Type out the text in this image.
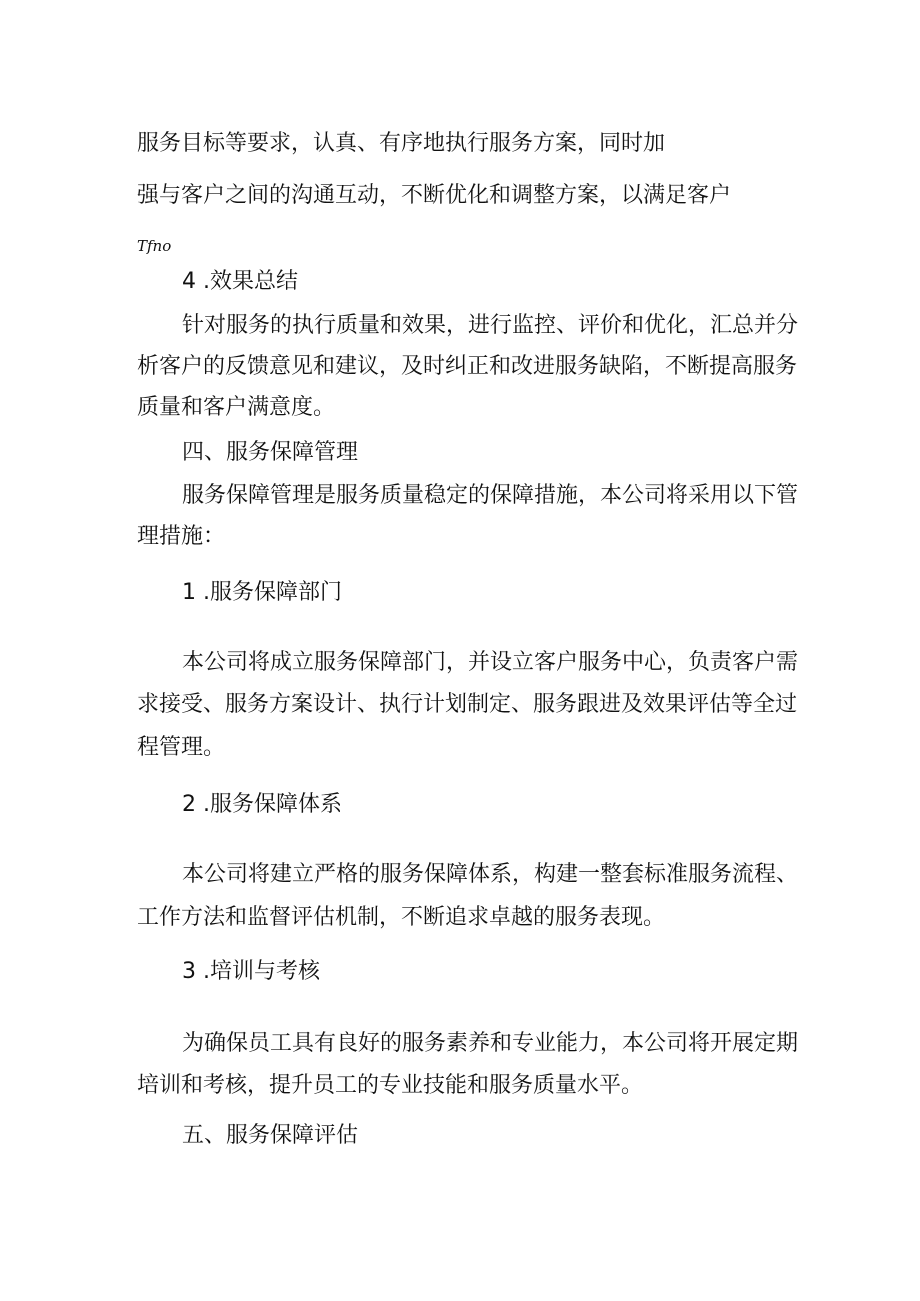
服务目标等要求，认真、有序地执行服务方案，同时加
强与客户之间的沟通互动，不断优化和调整方案，以满足客户
Tfno
4 .效果总结
针对服务的执行质量和效果，进行监控、评价和优化，汇总并分
析客户的反馈意见和建议，及时纠正和改进服务缺陷，不断提高服务
质量和客户满意度。
四、服务保障管理
服务保障管理是服务质量稳定的保障措施，本公司将采用以下管
理措施：
1 .服务保障部门
本公司将成立服务保障部门，并设立客户服务中心，负责客户需
求接受、服务方案设计、执行计划制定、服务跟进及效果评估等全过
程管理。
2 .服务保障体系
本公司将建立严格的服务保障体系，构建一整套标准服务流程、
工作方法和监督评估机制，不断追求卓越的服务表现。
3 .培训与考核
为确保员工具有良好的服务素养和专业能力，本公司将开展定期
培训和考核，提升员工的专业技能和服务质量水平。
五、服务保障评估
